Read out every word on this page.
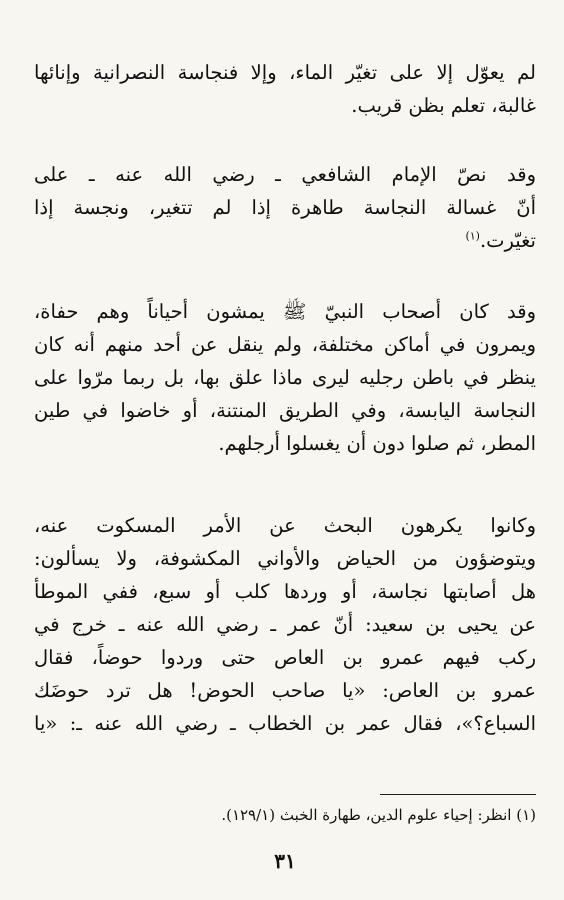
لم يعوّل إلا على تغيّر الماء، وإلا فنجاسة النصرانية وإنائها
غالبة، تعلم بظن قريب.
وقد نصّ الإمام الشافعي ـ رضي الله عنه ـ على
أنّ غسالة النجاسة طاهرة إذا لم تتغير، ونجسة إذا
تغيّرت.$^{(١)}$
وقد كان أصحاب النبيّ ﷺ يمشون أحياناً وهم حفاة،
ويمرون في أماكن مختلفة، ولم ينقل عن أحد منهم أنه كان
ينظر في باطن رجليه ليرى ماذا علق بها، بل ربما مرّوا على
النجاسة اليابسة، وفي الطريق المنتنة، أو خاضوا في طين
المطر، ثم صلوا دون أن يغسلوا أرجلهم.
وكانوا يكرهون البحث عن الأمر المسكوت عنه،
ويتوضؤون من الحياض والأواني المكشوفة، ولا يسألون:
هل أصابتها نجاسة، أو وردها كلب أو سبع، ففي الموطأ
عن يحيى بن سعيد: أنّ عمر ـ رضي الله عنه ـ خرج في
ركب فيهم عمرو بن العاص حتى وردوا حوضاً، فقال
عمرو بن العاص: «يا صاحب الحوض! هل ترد حوضَك
السباع؟»، فقال عمر بن الخطاب ـ رضي الله عنه ـ: «يا
(١) انظر: إحياء علوم الدين، طهارة الخبث (١٢٩/١).
٣١
